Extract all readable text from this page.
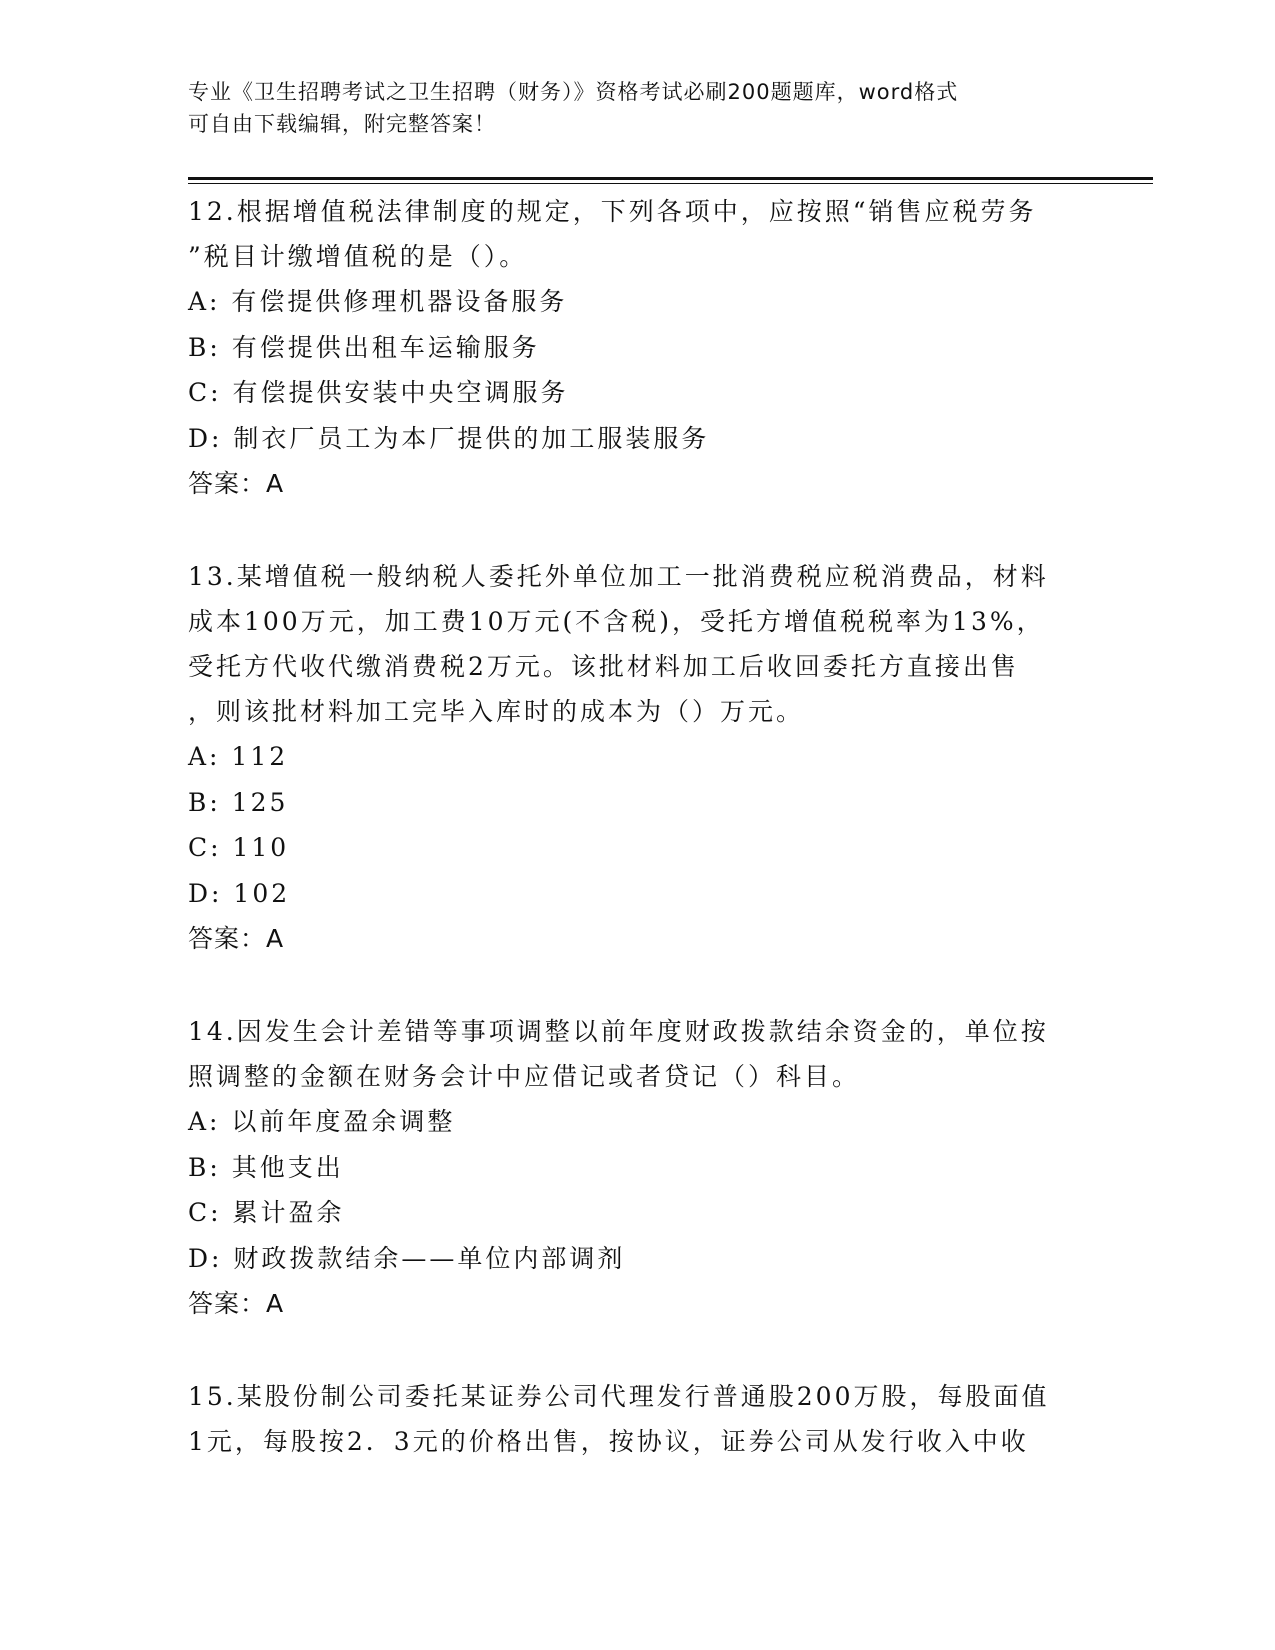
专业《卫生招聘考试之卫生招聘（财务）》资格考试必刷200题题库，word格式
可自由下载编辑，附完整答案！
12.根据增值税法律制度的规定，下列各项中，应按照“销售应税劳务
”税目计缴增值税的是（）。
A: 有偿提供修理机器设备服务
B: 有偿提供出租车运输服务
C: 有偿提供安装中央空调服务
D: 制衣厂员工为本厂提供的加工服装服务
答案：A
13.某增值税一般纳税人委托外单位加工一批消费税应税消费品，材料
成本100万元，加工费10万元(不含税)，受托方增值税税率为13%，
受托方代收代缴消费税2万元。该批材料加工后收回委托方直接出售
，则该批材料加工完毕入库时的成本为（）万元。
A: 112
B: 125
C: 110
D: 102
答案：A
14.因发生会计差错等事项调整以前年度财政拨款结余资金的，单位按
照调整的金额在财务会计中应借记或者贷记（）科目。
A: 以前年度盈余调整
B: 其他支出
C: 累计盈余
D: 财政拨款结余——单位内部调剂
答案：A
15.某股份制公司委托某证券公司代理发行普通股200万股，每股面值
1元，每股按2．3元的价格出售，按协议，证券公司从发行收入中收
